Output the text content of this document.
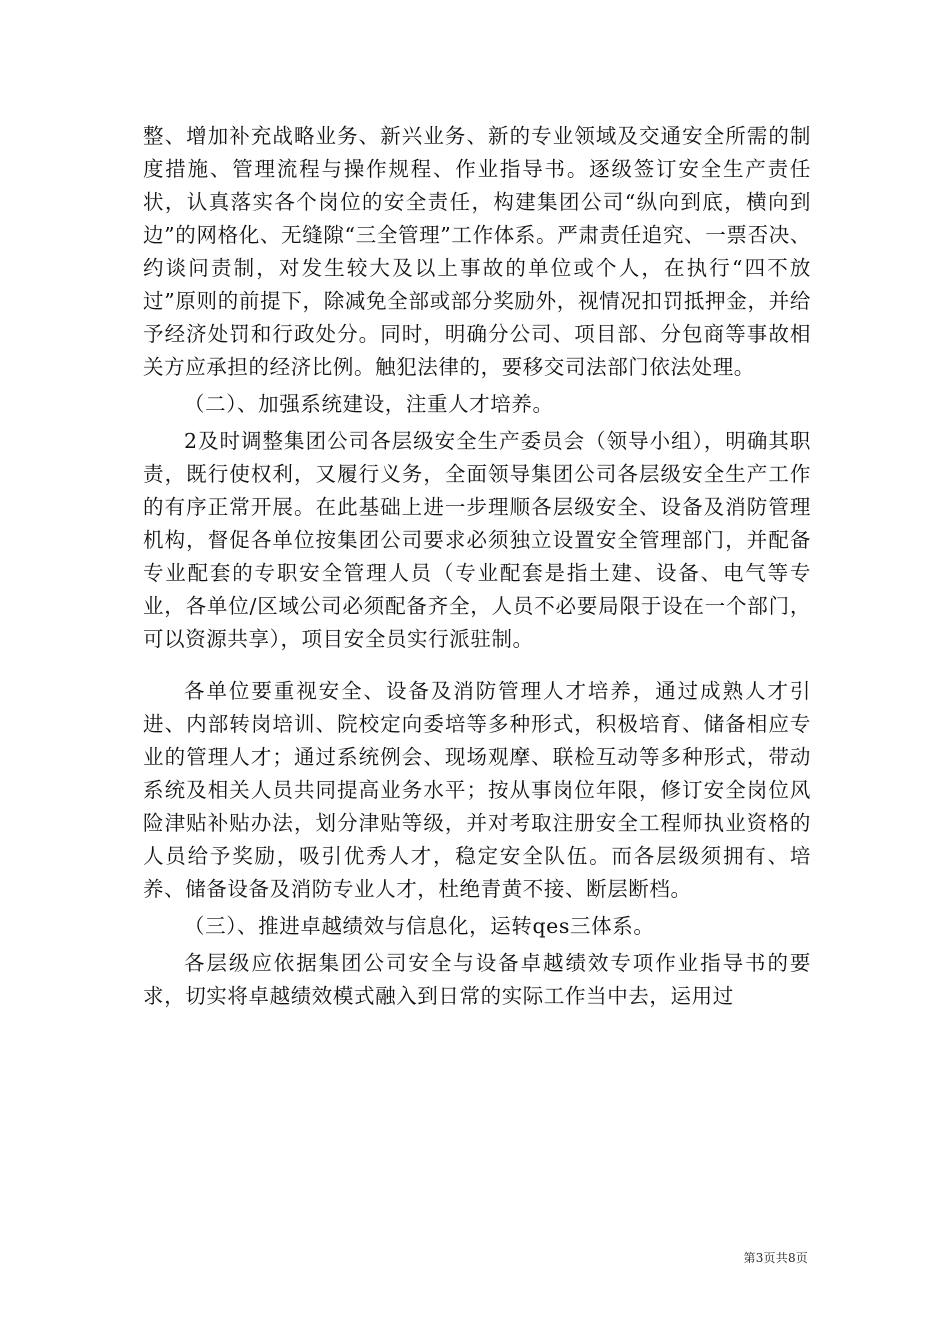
整、增加补充战略业务、新兴业务、新的专业领域及交通安全所需的制度措施、管理流程与操作规程、作业指导书。逐级签订安全生产责任状，认真落实各个岗位的安全责任，构建集团公司“纵向到底，横向到边”的网格化、无缝隙“三全管理”工作体系。严肃责任追究、一票否决、约谈问责制，对发生较大及以上事故的单位或个人，在执行“四不放过”原则的前提下，除减免全部或部分奖励外，视情况扣罚抵押金，并给予经济处罚和行政处分。同时，明确分公司、项目部、分包商等事故相关方应承担的经济比例。触犯法律的，要移交司法部门依法处理。

（二）、加强系统建设，注重人才培养。

2及时调整集团公司各层级安全生产委员会（领导小组），明确其职责，既行使权利，又履行义务，全面领导集团公司各层级安全生产工作的有序正常开展。在此基础上进一步理顺各层级安全、设备及消防管理机构，督促各单位按集团公司要求必须独立设置安全管理部门，并配备专业配套的专职安全管理人员（专业配套是指土建、设备、电气等专业，各单位/区域公司必须配备齐全，人员不必要局限于设在一个部门，可以资源共享），项目安全员实行派驻制。

各单位要重视安全、设备及消防管理人才培养，通过成熟人才引进、内部转岗培训、院校定向委培等多种形式，积极培育、储备相应专业的管理人才；通过系统例会、现场观摩、联检互动等多种形式，带动系统及相关人员共同提高业务水平；按从事岗位年限，修订安全岗位风险津贴补贴办法，划分津贴等级，并对考取注册安全工程师执业资格的人员给予奖励，吸引优秀人才，稳定安全队伍。而各层级须拥有、培养、储备设备及消防专业人才，杜绝青黄不接、断层断档。

（三）、推进卓越绩效与信息化，运转qes三体系。

各层级应依据集团公司安全与设备卓越绩效专项作业指导书的要求，切实将卓越绩效模式融入到日常的实际工作当中去，运用过

第3页共8页
